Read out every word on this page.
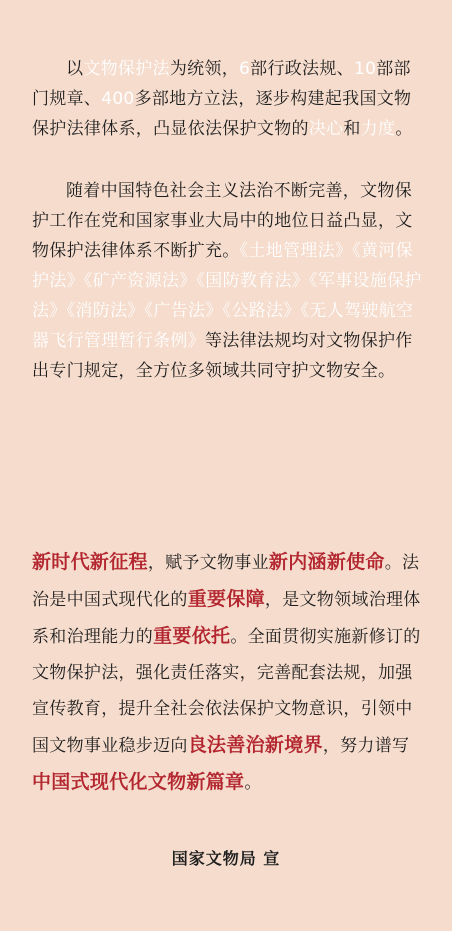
以文物保护法为统领，6部行政法规、10部部门规章、400多部地方立法，逐步构建起我国文物保护法律体系，凸显依法保护文物的决心和力度。

随着中国特色社会主义法治不断完善，文物保护工作在党和国家事业大局中的地位日益凸显，文物保护法律体系不断扩充。《土地管理法》《黄河保护法》《矿产资源法》《国防教育法》《军事设施保护法》《消防法》《广告法》《公路法》《无人驾驶航空器飞行管理暂行条例》等法律法规均对文物保护作出专门规定，全方位多领域共同守护文物安全。

新时代新征程，赋予文物事业新内涵新使命。法治是中国式现代化的重要保障，是文物领域治理体系和治理能力的重要依托。全面贯彻实施新修订的文物保护法，强化责任落实，完善配套法规，加强宣传教育，提升全社会依法保护文物意识，引领中国文物事业稳步迈向良法善治新境界，努力谱写中国式现代化文物新篇章。

国家文物局 宣
